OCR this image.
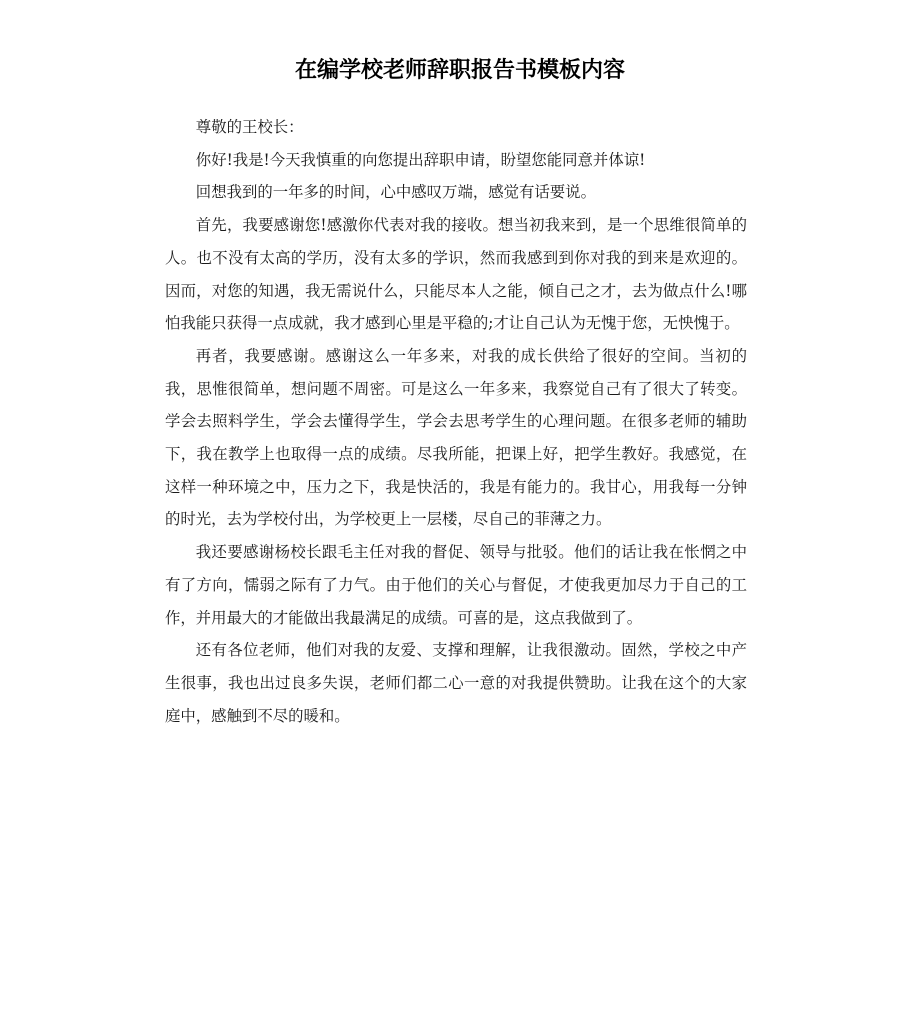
在编学校老师辞职报告书模板内容

尊敬的王校长：

你好!我是!今天我慎重的向您提出辞职申请，盼望您能同意并体谅!

回想我到的一年多的时间，心中感叹万端，感觉有话要说。

首先，我要感谢您!感激你代表对我的接收。想当初我来到，是一个思维很简单的人。也不没有太高的学历，没有太多的学识，然而我感到到你对我的到来是欢迎的。因而，对您的知遇，我无需说什么，只能尽本人之能，倾自己之才，去为做点什么!哪怕我能只获得一点成就，我才感到心里是平稳的;才让自己认为无愧于您，无怏愧于。

再者，我要感谢。感谢这么一年多来，对我的成长供给了很好的空间。当初的我，思惟很简单，想问题不周密。可是这么一年多来，我察觉自己有了很大了转变。学会去照料学生，学会去懂得学生，学会去思考学生的心理问题。在很多老师的辅助下，我在教学上也取得一点的成绩。尽我所能，把课上好，把学生教好。我感觉，在这样一种环境之中，压力之下，我是快活的，我是有能力的。我甘心，用我每一分钟的时光，去为学校付出，为学校更上一层楼，尽自己的菲薄之力。

我还要感谢杨校长跟毛主任对我的督促、领导与批驳。他们的话让我在怅惘之中有了方向，懦弱之际有了力气。由于他们的关心与督促，才使我更加尽力于自己的工作，并用最大的才能做出我最满足的成绩。可喜的是，这点我做到了。

还有各位老师，他们对我的友爱、支撑和理解，让我很激动。固然，学校之中产生很事，我也出过良多失误，老师们都二心一意的对我提供赞助。让我在这个的大家庭中，感触到不尽的暖和。
